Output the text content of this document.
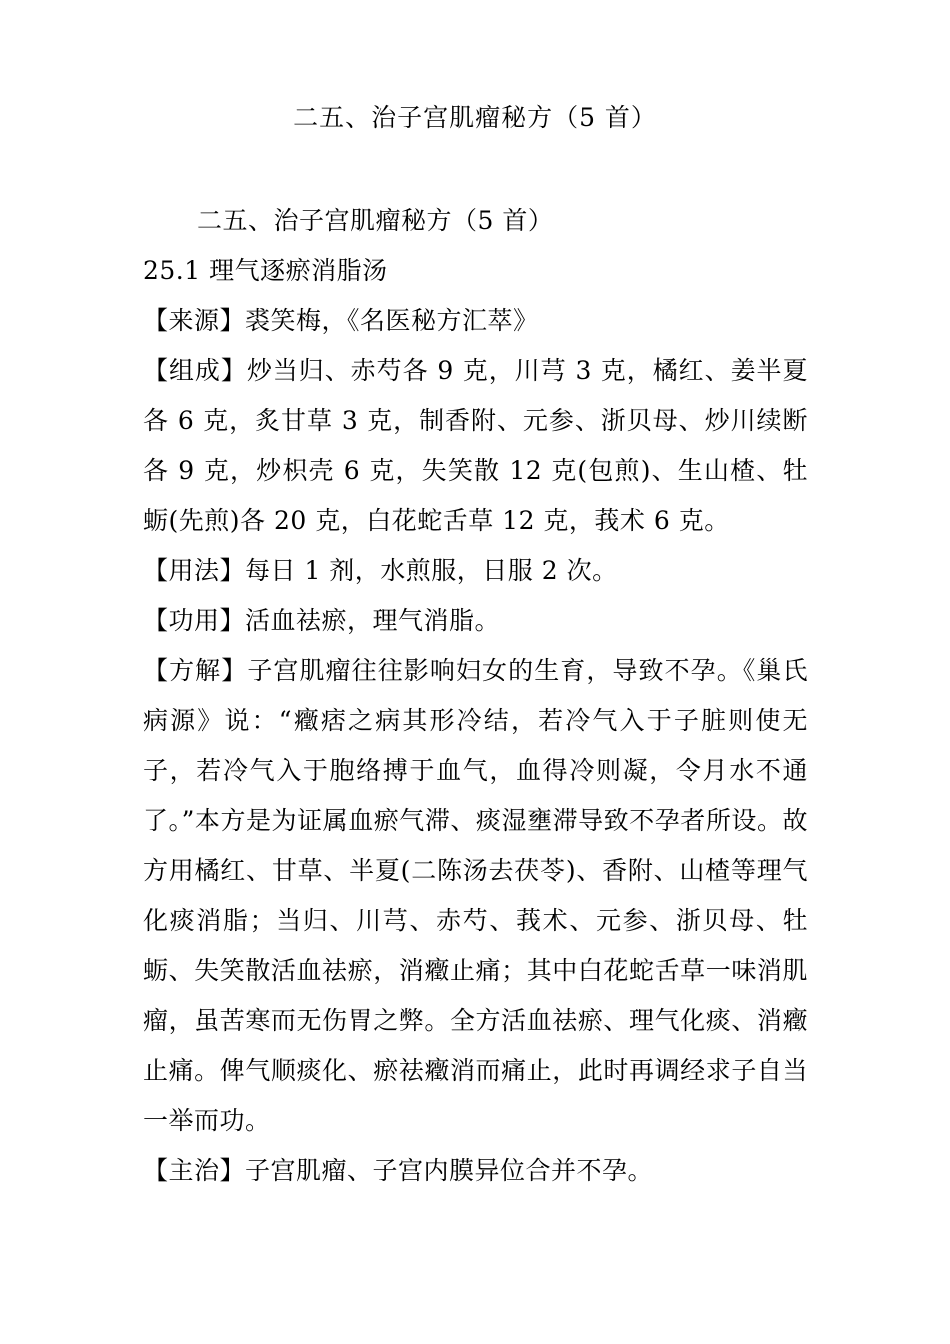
二五、治子宫肌瘤秘方（5 首）

二五、治子宫肌瘤秘方（5 首）

25.1 理气逐瘀消脂汤

【来源】裘笑梅，《名医秘方汇萃》

【组成】炒当归、赤芍各 9 克，川芎 3 克，橘红、姜半夏各 6 克，炙甘草 3 克，制香附、元参、浙贝母、炒川续断各 9 克，炒枳壳 6 克，失笑散 12 克(包煎)、生山楂、牡蛎(先煎)各 20 克，白花蛇舌草 12 克，莪术 6 克。

【用法】每日 1 剂，水煎服，日服 2 次。

【功用】活血祛瘀，理气消脂。

【方解】子宫肌瘤往往影响妇女的生育，导致不孕。《巢氏病源》说：“癥痞之病其形冷结，若冷气入于子脏则使无子，若冷气入于胞络搏于血气，血得冷则凝，令月水不通了。”本方是为证属血瘀气滞、痰湿壅滞导致不孕者所设。故方用橘红、甘草、半夏(二陈汤去茯苓)、香附、山楂等理气化痰消脂；当归、川芎、赤芍、莪术、元参、浙贝母、牡蛎、失笑散活血祛瘀，消癥止痛；其中白花蛇舌草一味消肌瘤，虽苦寒而无伤胃之弊。全方活血祛瘀、理气化痰、消癥止痛。俾气顺痰化、瘀祛癥消而痛止，此时再调经求子自当一举而功。

【主治】子宫肌瘤、子宫内膜异位合并不孕。
